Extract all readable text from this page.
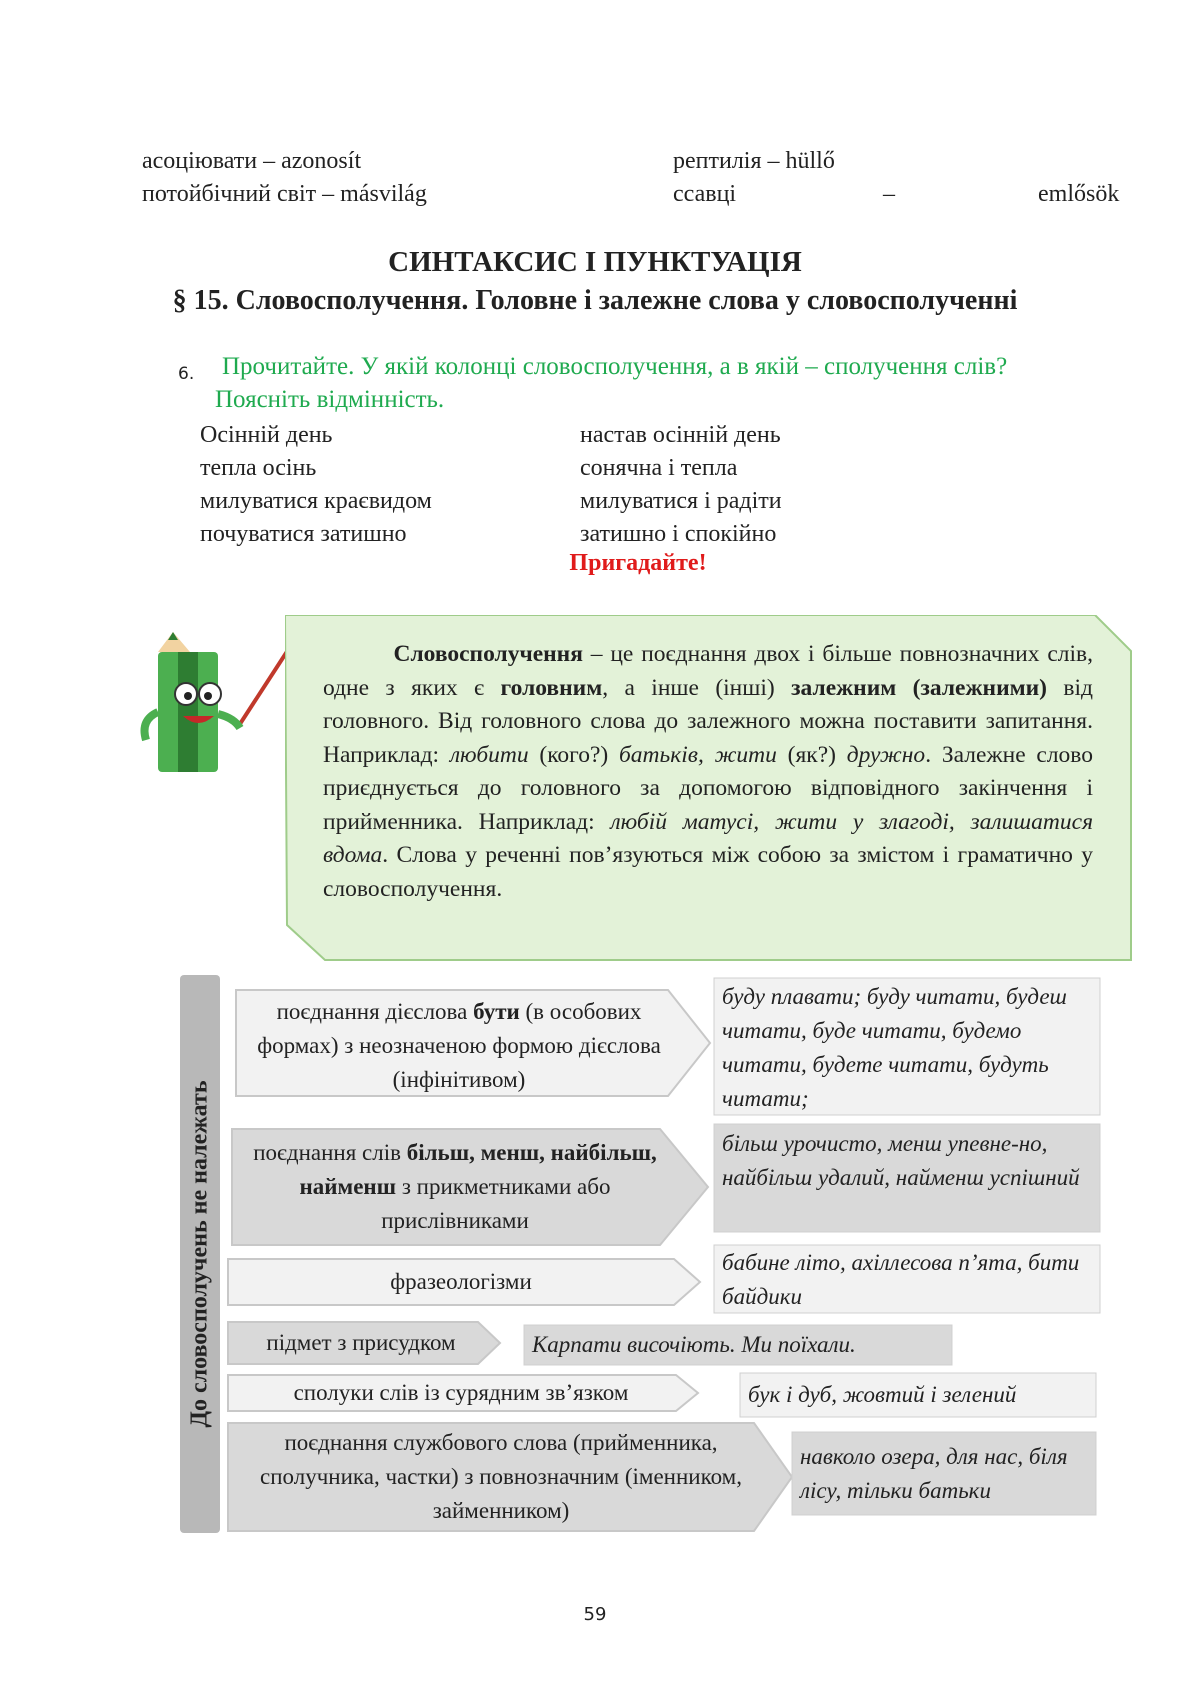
асоціювати – azonosít
потойбічний світ – másvilág
рептилія – hüllő
ссавці	–	emlősök
СИНТАКСИС І ПУНКТУАЦІЯ
§ 15. Словосполучення. Головне і залежне слова у словосполученні
6. Прочитайте. У якій колонці словосполучення, а в якій – сполучення слів?
Поясніть відмінність.
Осінній день
тепла осінь
милуватися краєвидом
почуватися затишно
настав осінній день
сонячна і тепла
милуватися і радіти
затишно і спокійно
Пригадайте!
   Словосполучення – це поєднання двох і більше повнозначних слів, одне з яких є головним, а інше (інші) залежним (залежними) від головного. Від головного слова до залежного можна поставити запитання. Наприклад: любити (кого?) батьків, жити (як?) дружно. Залежне слово приєднується до головного за допомогою відповідного закінчення і прийменника. Наприклад: любій матусі, жити у злагоді, залишатися вдома. Слова у реченні пов’язуються між собою за змістом і граматично у словосполучення.
До словосполучень не належать
поєднання дієслова бути (в особових формах) з неозначеною формою дієслова (інфінітивом)
поєднання слів більш, менш, найбільш, найменш з прикметниками або прислівниками
фразеологізми
підмет з присудком
сполуки слів із сурядним зв’язком
поєднання службового слова (прийменника, сполучника, частки) з повнозначним (іменником, займенником)
буду плавати; буду читати, будеш читати, буде читати, будемо читати, будете читати, будуть читати;
більш урочисто, менш упевне-но, найбільш удалий, найменш успішний
бабине літо, ахіллесова п’ята, бити байдики
Карпати височіють. Ми поїхали.
бук і дуб, жовтий і зелений
навколо озера, для нас, біля лісу, тільки батьки
59
